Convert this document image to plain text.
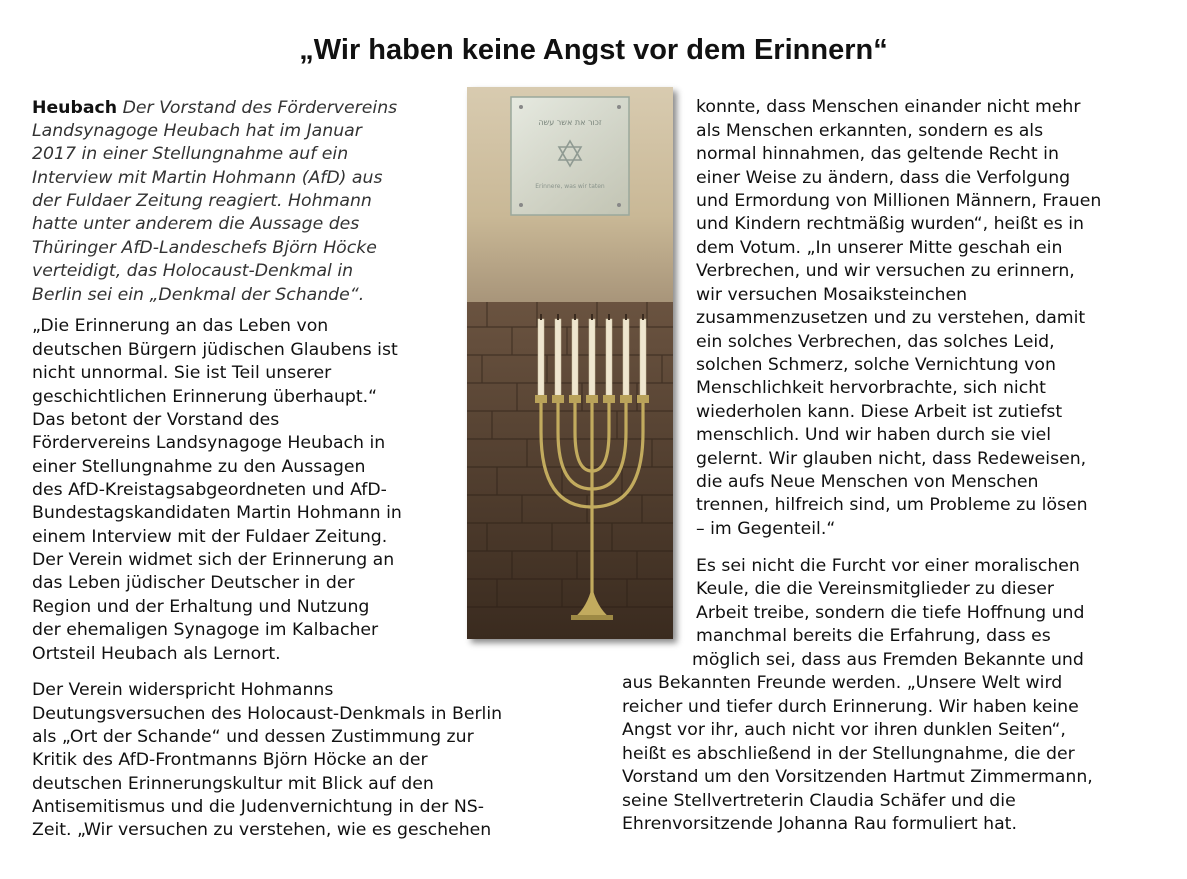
„Wir haben keine Angst vor dem Erinnern“
Heubach Der Vorstand des Fördervereins
Landsynagoge Heubach hat im Januar
2017 in einer Stellungnahme auf ein
Interview mit Martin Hohmann (AfD) aus
der Fuldaer Zeitung reagiert. Hohmann
hatte unter anderem die Aussage des
Thüringer AfD-Landeschefs Björn Höcke
verteidigt, das Holocaust-Denkmal in
Berlin sei ein „Denkmal der Schande“.
„Die Erinnerung an das Leben von
deutschen Bürgern jüdischen Glaubens ist
nicht unnormal. Sie ist Teil unserer
geschichtlichen Erinnerung überhaupt.“
Das betont der Vorstand des
Fördervereins Landsynagoge Heubach in
einer Stellungnahme zu den Aussagen
des AfD-Kreistagsabgeordneten und AfD-
Bundestagskandidaten Martin Hohmann in
einem Interview mit der Fuldaer Zeitung.
Der Verein widmet sich der Erinnerung an
das Leben jüdischer Deutscher in der
Region und der Erhaltung und Nutzung
der ehemaligen Synagoge im Kalbacher
Ortsteil Heubach als Lernort.
Der Verein widerspricht Hohmanns
Deutungsversuchen des Holocaust-Denkmals in Berlin
als „Ort der Schande“ und dessen Zustimmung zur
Kritik des AfD-Frontmanns Björn Höcke an der
deutschen Erinnerungskultur mit Blick auf den
Antisemitismus und die Judenvernichtung in der NS-
Zeit. „Wir versuchen zu verstehen, wie es geschehen
konnte, dass Menschen einander nicht mehr
als Menschen erkannten, sondern es als
normal hinnahmen, das geltende Recht in
einer Weise zu ändern, dass die Verfolgung
und Ermordung von Millionen Männern, Frauen
und Kindern rechtmäßig wurden“, heißt es in
dem Votum. „In unserer Mitte geschah ein
Verbrechen, und wir versuchen zu erinnern,
wir versuchen Mosaiksteinchen
zusammenzusetzen und zu verstehen, damit
ein solches Verbrechen, das solches Leid,
solchen Schmerz, solche Vernichtung von
Menschlichkeit hervorbrachte, sich nicht
wiederholen kann. Diese Arbeit ist zutiefst
menschlich. Und wir haben durch sie viel
gelernt. Wir glauben nicht, dass Redeweisen,
die aufs Neue Menschen von Menschen
trennen, hilfreich sind, um Probleme zu lösen
– im Gegenteil.“
Es sei nicht die Furcht vor einer moralischen
Keule, die die Vereinsmitglieder zu dieser
Arbeit treibe, sondern die tiefe Hoffnung und
manchmal bereits die Erfahrung, dass es
möglich sei, dass aus Fremden Bekannte und
aus Bekannten Freunde werden. „Unsere Welt wird
reicher und tiefer durch Erinnerung. Wir haben keine
Angst vor ihr, auch nicht vor ihren dunklen Seiten“,
heißt es abschließend in der Stellungnahme, die der
Vorstand um den Vorsitzenden Hartmut Zimmermann,
seine Stellvertreterin Claudia Schäfer und die
Ehrenvorsitzende Johanna Rau formuliert hat.
זכור את אשר עשה
Erinnere, was wir taten
